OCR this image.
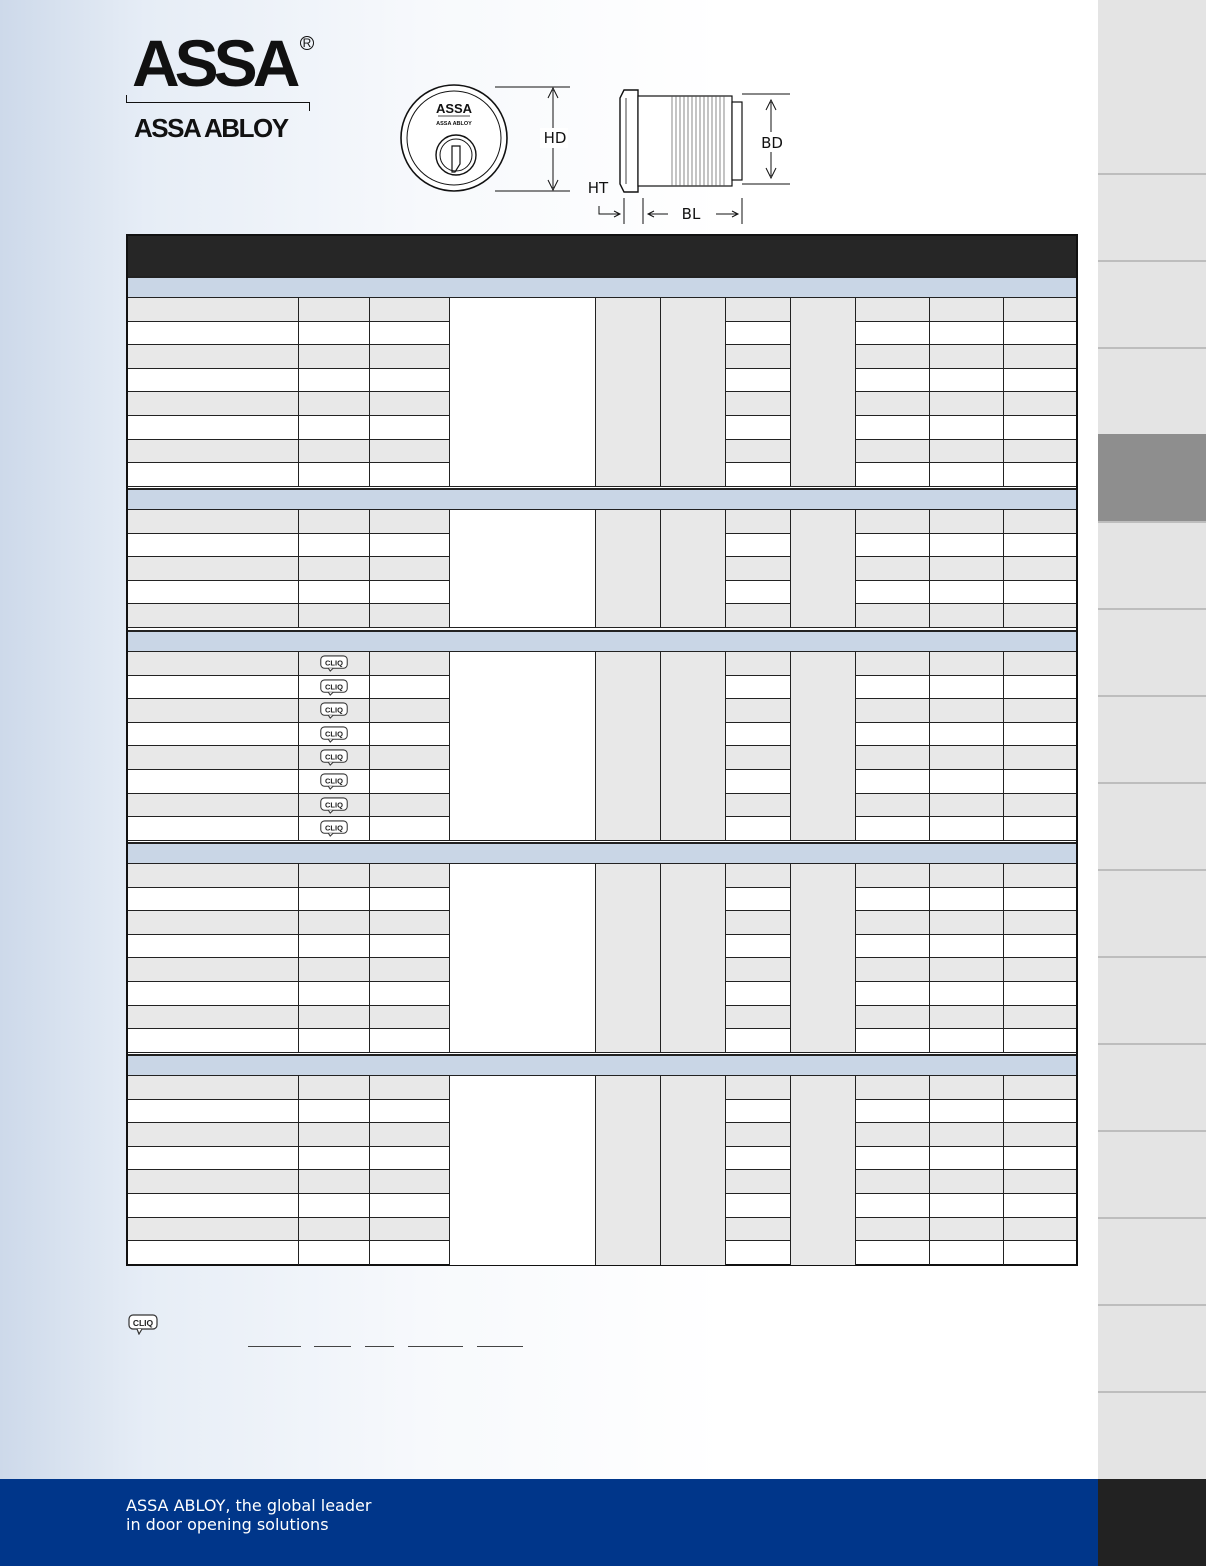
ASSA R
ASSA ABLOY
ASSA
ASSA ABLOY
HD	BD
HT
BL
CLIQ
CLIQ
CLIQ
CLIQ
CLIQ
CLIQ
CLIQ
CLIQ
CLIQ
ASSA ABLOY, the global leader
in door opening solutions
